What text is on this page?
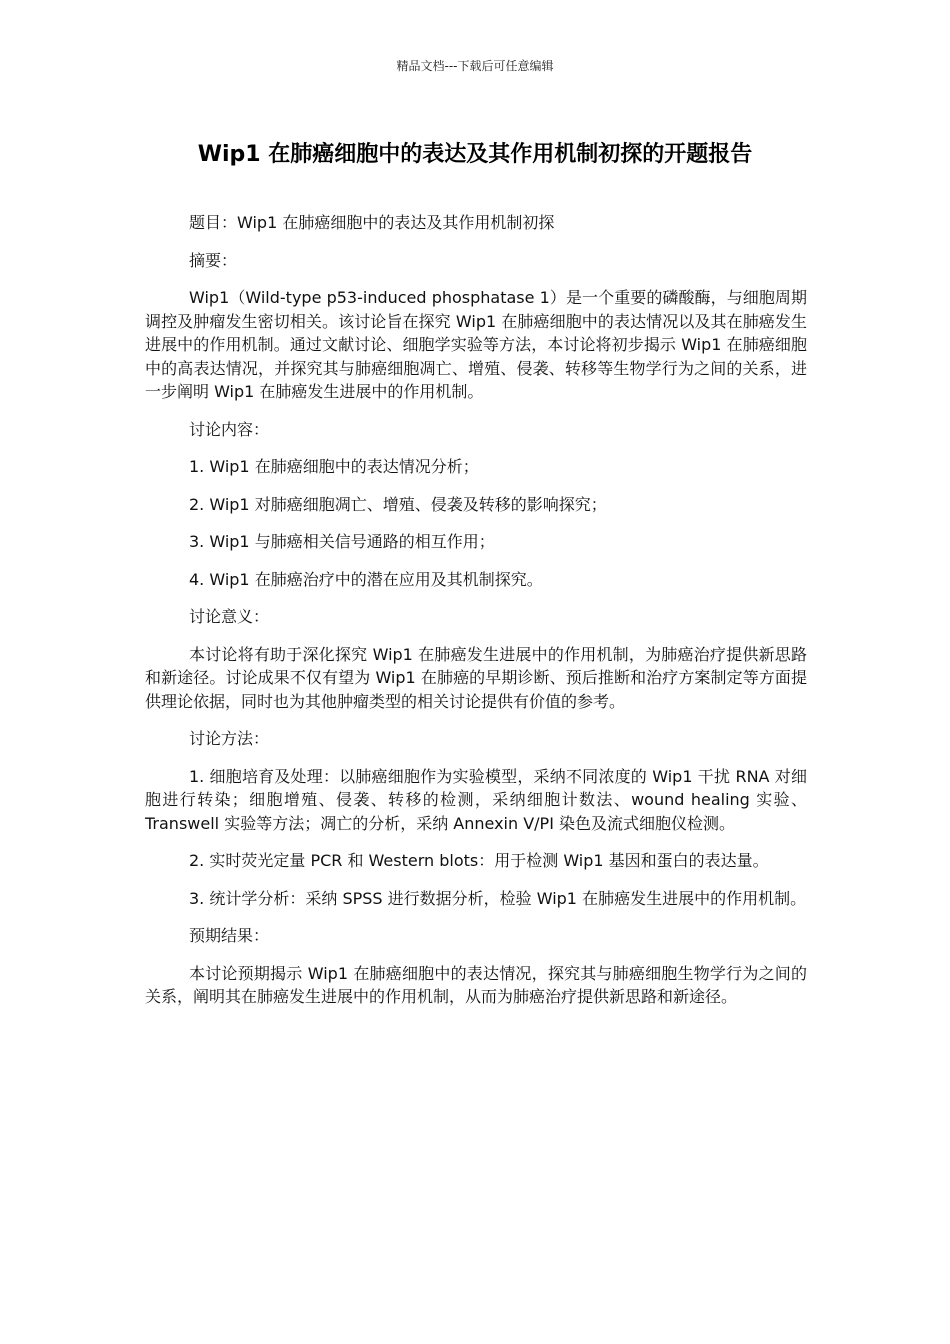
精品文档---下载后可任意编辑
Wip1 在肺癌细胞中的表达及其作用机制初探的开题报告

题目：Wip1 在肺癌细胞中的表达及其作用机制初探

摘要：

Wip1（Wild-type p53-induced phosphatase 1）是一个重要的磷酸酶，与细胞周期调控及肿瘤发生密切相关。该讨论旨在探究 Wip1 在肺癌细胞中的表达情况以及其在肺癌发生进展中的作用机制。通过文献讨论、细胞学实验等方法，本讨论将初步揭示 Wip1 在肺癌细胞中的高表达情况，并探究其与肺癌细胞凋亡、增殖、侵袭、转移等生物学行为之间的关系，进一步阐明 Wip1 在肺癌发生进展中的作用机制。

讨论内容：

1. Wip1 在肺癌细胞中的表达情况分析；

2. Wip1 对肺癌细胞凋亡、增殖、侵袭及转移的影响探究；

3. Wip1 与肺癌相关信号通路的相互作用；

4. Wip1 在肺癌治疗中的潜在应用及其机制探究。

讨论意义：

本讨论将有助于深化探究 Wip1 在肺癌发生进展中的作用机制，为肺癌治疗提供新思路和新途径。讨论成果不仅有望为 Wip1 在肺癌的早期诊断、预后推断和治疗方案制定等方面提供理论依据，同时也为其他肿瘤类型的相关讨论提供有价值的参考。

讨论方法：

1. 细胞培育及处理：以肺癌细胞作为实验模型，采纳不同浓度的 Wip1 干扰 RNA 对细胞进行转染；细胞增殖、侵袭、转移的检测，采纳细胞计数法、wound healing 实验、Transwell 实验等方法；凋亡的分析，采纳 Annexin V/PI 染色及流式细胞仪检测。

2. 实时荧光定量 PCR 和 Western blots：用于检测 Wip1 基因和蛋白的表达量。

3. 统计学分析：采纳 SPSS 进行数据分析，检验 Wip1 在肺癌发生进展中的作用机制。

预期结果：

本讨论预期揭示 Wip1 在肺癌细胞中的表达情况，探究其与肺癌细胞生物学行为之间的关系，阐明其在肺癌发生进展中的作用机制，从而为肺癌治疗提供新思路和新途径。
